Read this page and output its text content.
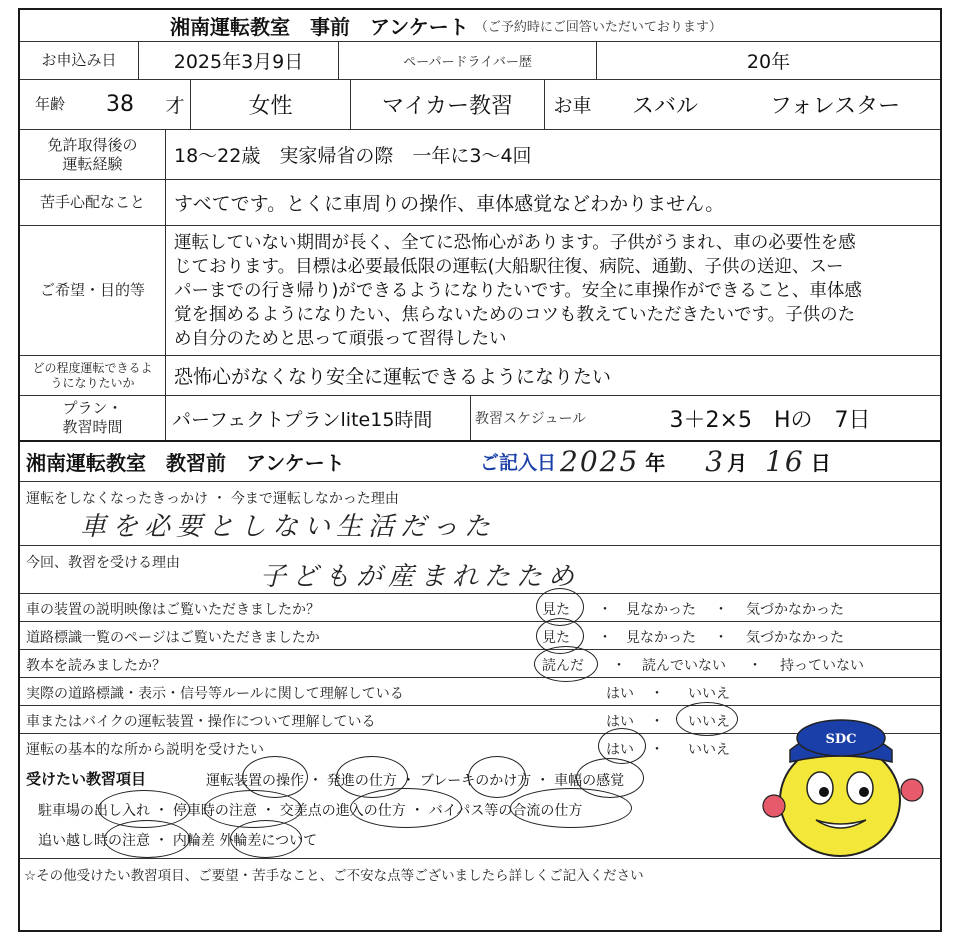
湘南運転教室　事前　アンケート （ご予約時にご回答いただいております）
お申込み日	2025年3月9日	ペーパードライバー歴	20年
年齢	38	才	女性	マイカー教習	お車	スバル	フォレスター
免許取得後の
運転経験	18～22歳　実家帰省の際　一年に3～4回
苦手心配なこと	すべてです。とくに車周りの操作、車体感覚などわかりません。
ご希望・目的等
運転していない期間が長く、全てに恐怖心があります。子供がうまれ、車の必要性を感
じております。目標は必要最低限の運転(大船駅往復、病院、通勤、子供の送迎、スー
パーまでの行き帰り)ができるようになりたいです。安全に車操作ができること、車体感
覚を掴めるようになりたい、焦らないためのコツも教えていただきたいです。子供のた
め自分のためと思って頑張って習得したい
どの程度運転できるよ
うになりたいか	恐怖心がなくなり安全に運転できるようになりたい
プラン・
教習時間	パーフェクトプランlite15時間	教習スケジュール	3＋2×5　Hの　7日
湘南運転教室　教習前　アンケート	ご記入日 2025 年 3 月 16 日
運転をしなくなったきっかけ ・ 今まで運転しなかった理由
車を必要としない生活だった
今回、教習を受ける理由	子どもが産まれたため
車の装置の説明映像はご覧いただきましたか？	見た ・ 見なかった ・ 気づかなかった
道路標識一覧のページはご覧いただきましたか	見た ・ 見なかった ・ 気づかなかった
教本を読みましたか？	読んだ ・ 読んでいない ・ 持っていない
実際の道路標識・表示・信号等ルールに関して理解している	はい ・ いいえ
車またはバイクの運転装置・操作について理解している	はい ・ いいえ
運転の基本的な所から説明を受けたい	はい ・ いいえ
受けたい教習項目	運転装置の操作 ・ 発進の仕方 ・ ブレーキのかけ方 ・ 車幅の感覚
駐車場の出し入れ ・ 停車時の注意 ・ 交差点の進入の仕方 ・ バイパス等の合流の仕方
追い越し時の注意 ・ 内輪差 外輪差について
☆その他受けたい教習項目、ご要望・苦手なこと、ご不安な点等ございましたら詳しくご記入ください
SDC
